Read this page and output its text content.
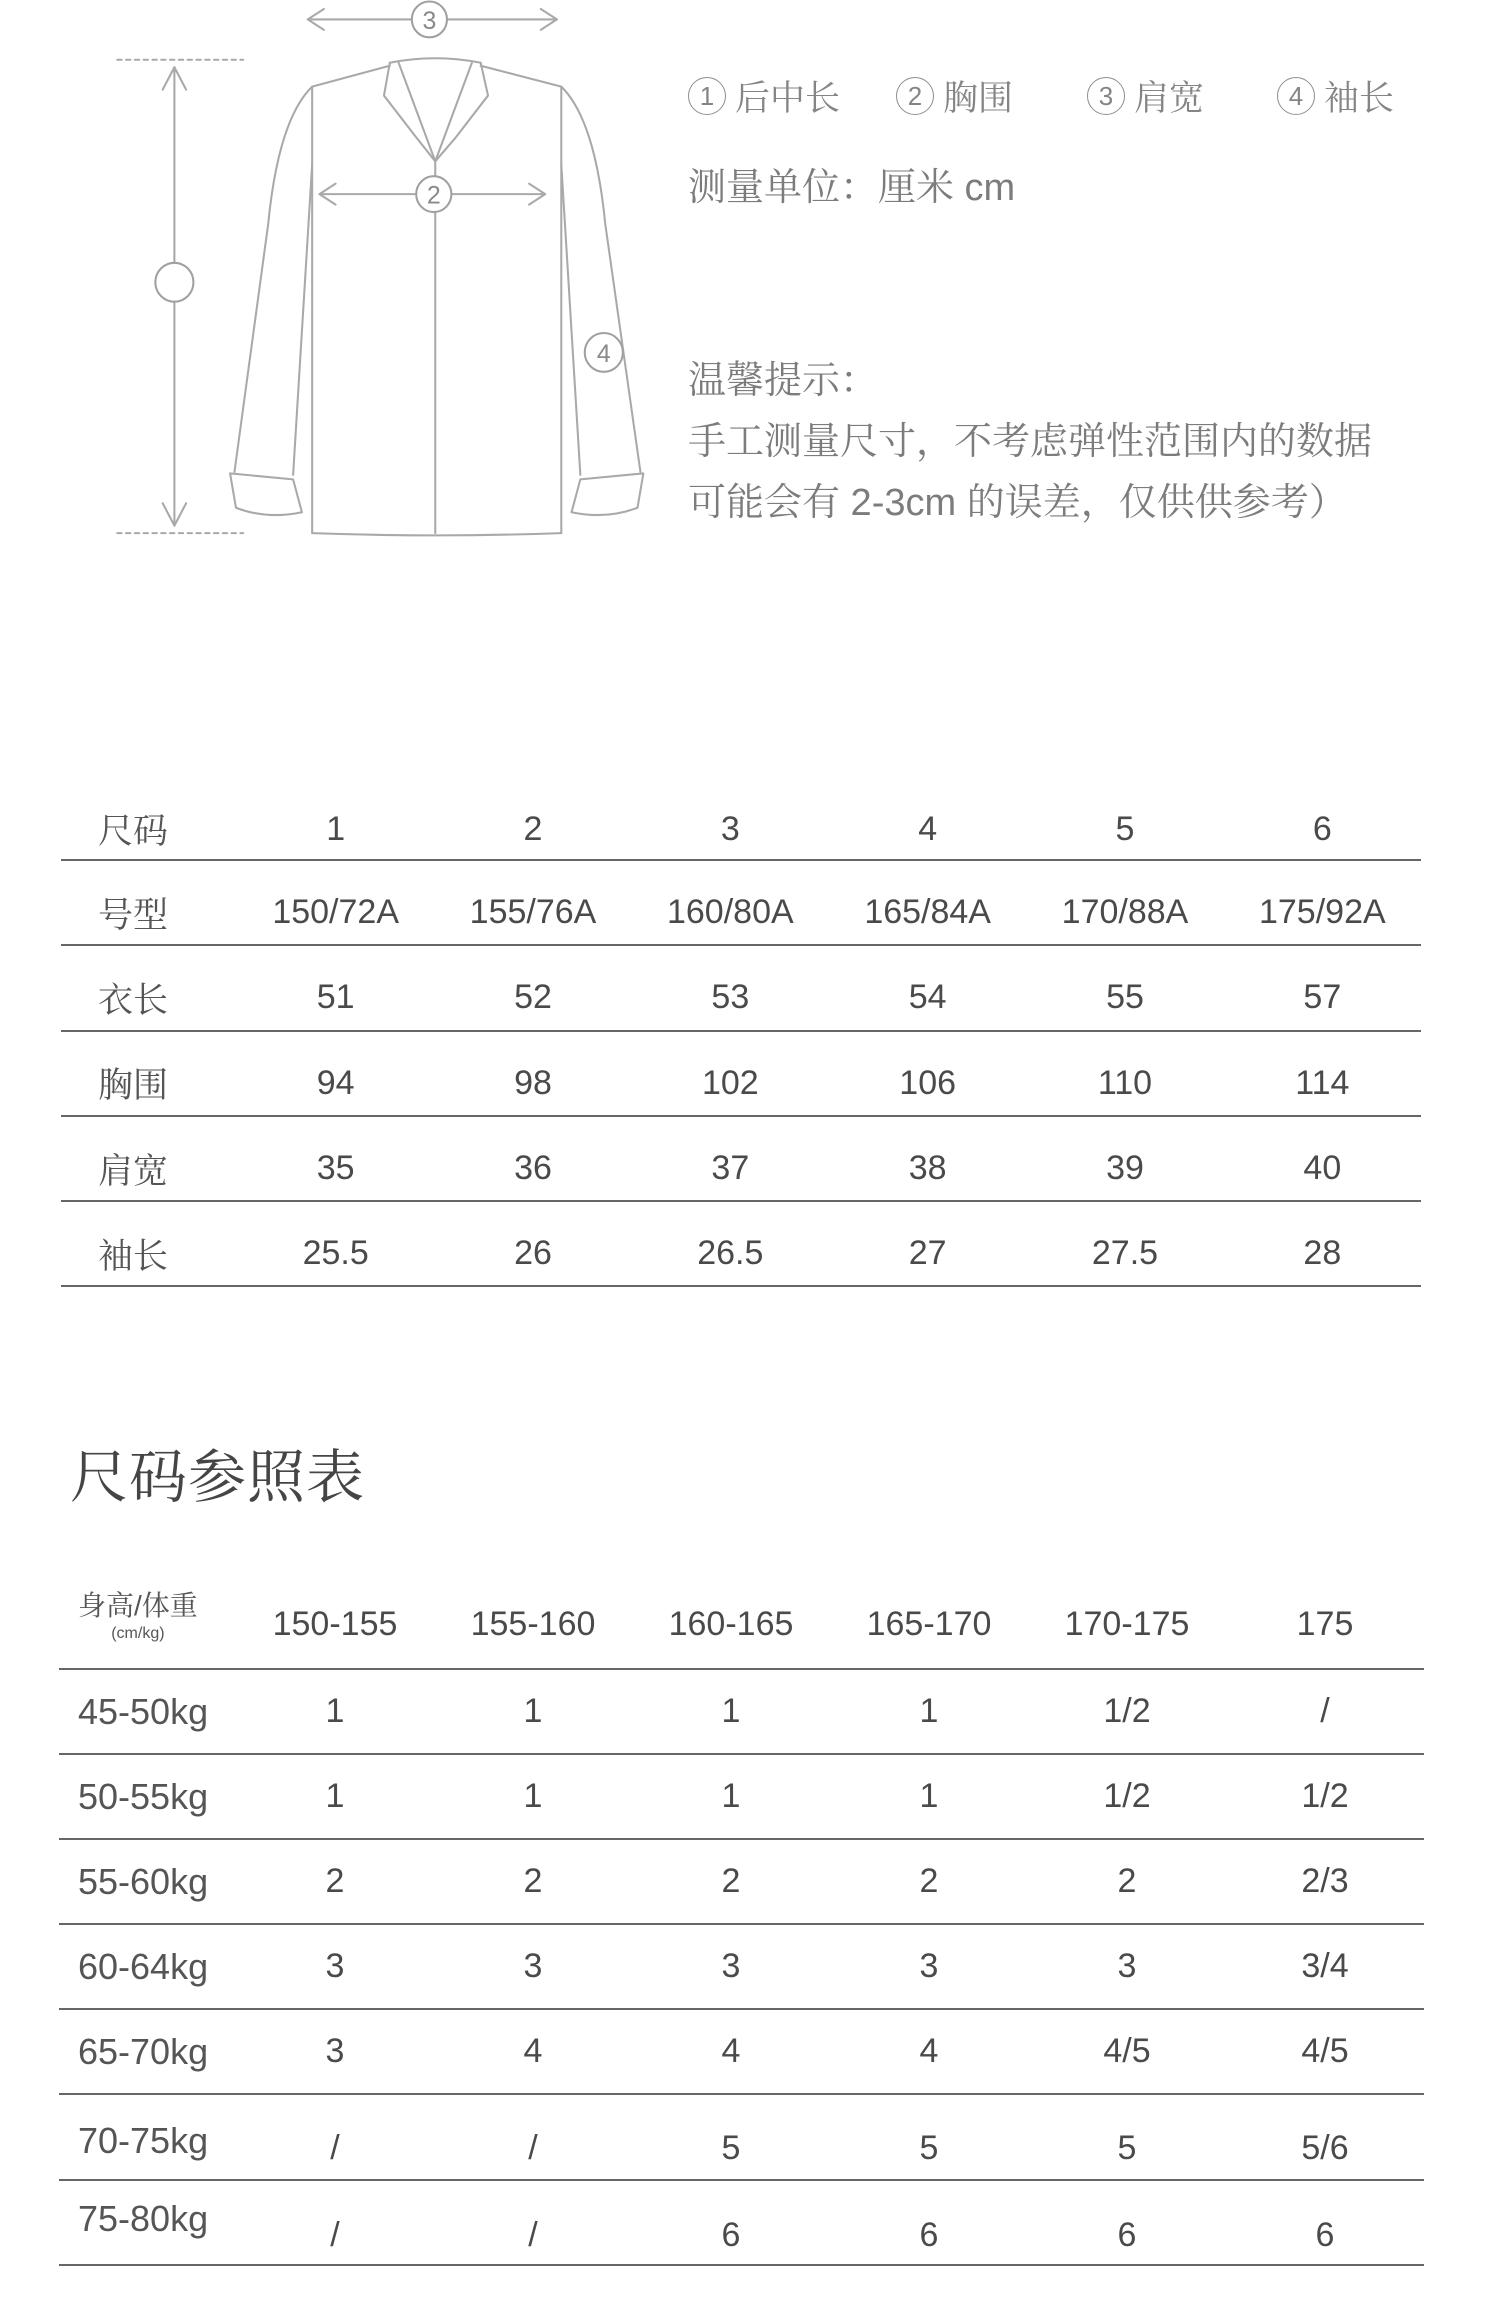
3
2
4
1 后中长	2 胸围	3 肩宽	4 袖长
测量单位：厘米 cm
温馨提示：
手工测量尺寸，不考虑弹性范围内的数据
可能会有 2-3cm 的误差，仅供供参考）
尺码	1	2	3	4	5	6
号型	150/72A	155/76A	160/80A	165/84A	170/88A	175/92A
衣长	51	52	53	54	55	57
胸围	94	98	102	106	110	114
肩宽	35	36	37	38	39	40
袖长	25.5	26	26.5	27	27.5	28
尺码参照表
身高/体重
(cm/kg)	150-155	155-160	160-165	165-170	170-175	175
45-50kg	1	1	1	1	1/2	/
50-55kg	1	1	1	1	1/2	1/2
55-60kg	2	2	2	2	2	2/3
60-64kg	3	3	3	3	3	3/4
65-70kg	3	4	4	4	4/5	4/5
70-75kg	/	/	5	5	5	5/6
75-80kg	/	/	6	6	6	6
